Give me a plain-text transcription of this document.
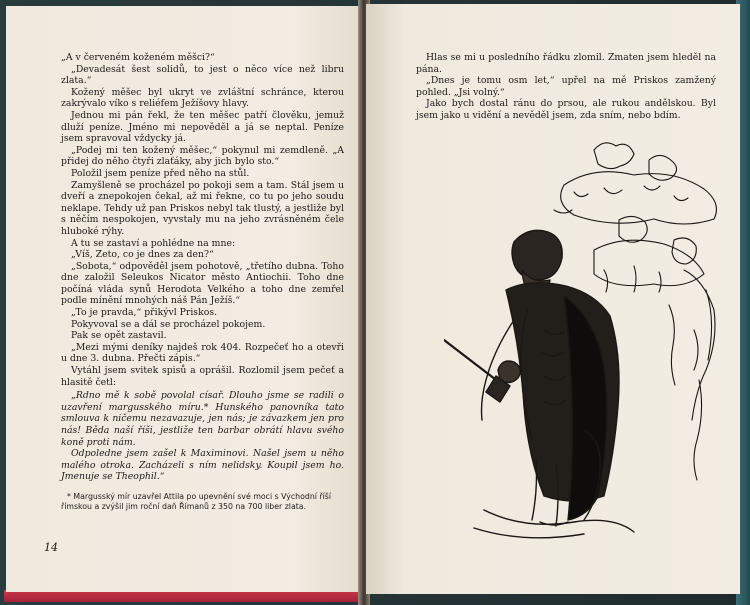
„A v červeném koženém měšci?“

„Devadesát šest solidů, to jest o něco více než libru zlata.“

Kožený měšec byl ukryt ve zvláštní schránce, kterou zakrývalo víko s reliéfem Ježíšovy hlavy.

Jednou mi pán řekl, že ten měšec patří člověku, jemuž dluží peníze. Jméno mi nepověděl a já se neptal. Peníze jsem spravoval vždycky já.

„Podej mi ten kožený měšec,“ pokynul mi zemdleně. „A přidej do něho čtyři zlaťáky, aby jich bylo sto.“

Položil jsem peníze před něho na stůl.

Zamyšleně se procházel po pokoji sem a tam. Stál jsem u dveří a znepokojen čekal, až mi řekne, co tu po jeho soudu neklape. Tehdy už pan Priskos nebyl tak tlustý, a jestliže byl s něčím nespokojen, vyvstaly mu na jeho zvrásněném čele hluboké rýhy.

A tu se zastaví a pohlédne na mne:

„Víš, Zeto, co je dnes za den?“

„Sobota,“ odpověděl jsem pohotově, „třetího dubna. Toho dne založil Seleukos Nicator město Antiochii. Toho dne počíná vláda synů Herodota Velkého a toho dne zemřel podle mínění mnohých náš Pán Ježíš.“

„To je pravda,“ přikývl Priskos.

Pokyvoval se a dál se procházel pokojem.

Pak se opět zastavil.

„Mezi mými deníky najdeš rok 404. Rozpečeť ho a otevři u dne 3. dubna. Přečti zápis.“

Vytáhl jsem svitek spisů a oprášil. Rozlomil jsem pečeť a hlasitě četl:

„Rdno mě k sobě povolal císař. Dlouho jsme se radili o uzavření margusského míru.* Hunského panovníka tato smlouva k ničemu nezavazuje, jen nás; je závazkem jen pro nás! Běda naší říši, jestliže ten barbar obrátí hlavu svého koně proti nám.

Odpoledne jsem zašel k Maximinovi. Našel jsem u něho malého otroka. Zacházeli s ním nelidsky. Koupil jsem ho. Jmenuje se Theophil.“

* Margusský mír uzavřel Attila po upevnění své moci s Východní říší římskou a zvýšil jim roční daň Římanů z 350 na 700 liber zlata.

14

Hlas se mi u posledního řádku zlomil. Zmaten jsem hleděl na pána.

„Dnes je tomu osm let,“ upřel na mě Priskos zamžený pohled. „Jsi volný.“

Jako bych dostal ránu do prsou, ale rukou andělskou. Byl jsem jako u vidění a nevěděl jsem, zda sním, nebo bdím.
